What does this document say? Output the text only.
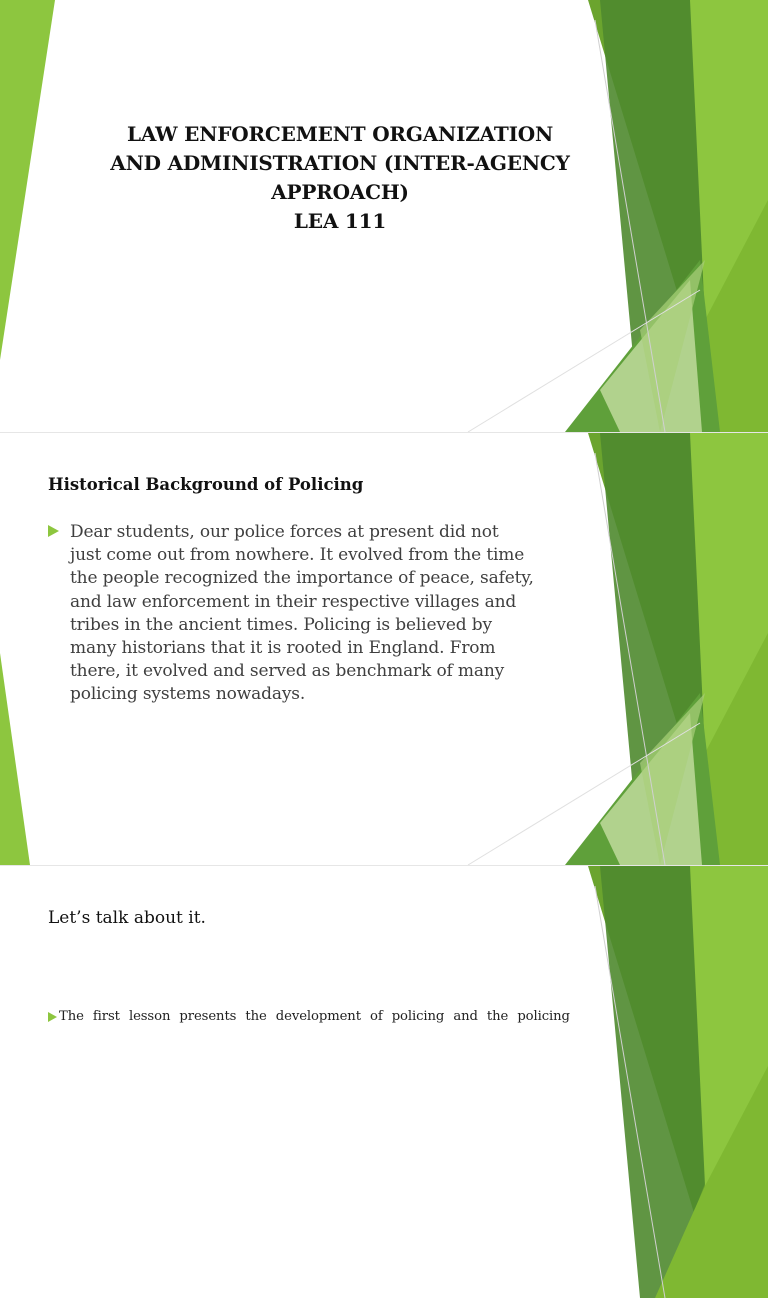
LAW ENFORCEMENT ORGANIZATION
AND ADMINISTRATION (INTER-AGENCY
APPROACH)
LEA 111
Historical Background of Policing
Dear students, our police forces at present did not
just come out from nowhere. It evolved from the time
the people recognized the importance of peace, safety,
and law enforcement in their respective villages and
tribes in the ancient times. Policing is believed by
many historians that it is rooted in England. From
there, it evolved and served as benchmark of many
policing systems nowadays.
Let’s talk about it.
The first lesson presents the development of policing and the policing
